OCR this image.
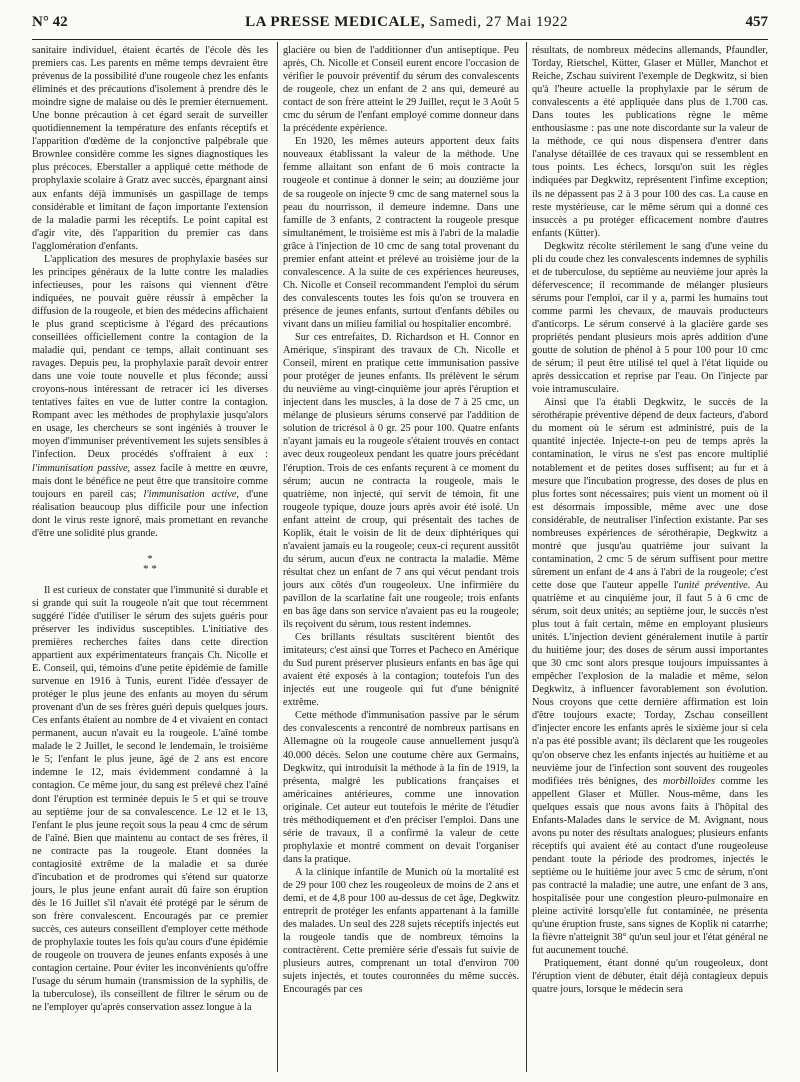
N° 42	LA PRESSE MEDICALE, Samedi, 27 Mai 1922	457

sanitaire individuel, étaient écartés de l'école dès les premiers cas. Les parents en même temps devraient être prévenus de la possibilité d'une rougeole chez les enfants éliminés et des précautions d'isolement à prendre dès le moindre signe de malaise ou dès le premier éternuement. Une bonne précaution à cet égard serait de surveiller quotidiennement la température des enfants réceptifs et l'apparition d'œdème de la conjonctive palpébrale que Brownlee considère comme les signes diagnostiques les plus précoces. Eberstaller a appliqué cette méthode de prophylaxie scolaire à Gratz avec succès, épargnant ainsi aux enfants déjà immunisés un gaspillage de temps considérable et limitant de façon importante l'extension de la maladie parmi les réceptifs. Le point capital est d'agir vite, dès l'apparition du premier cas dans l'agglomération d'enfants.

L'application des mesures de prophylaxie basées sur les principes généraux de la lutte contre les maladies infectieuses, pour les raisons qui viennent d'être indiquées, ne pouvait guère réussir à empêcher la diffusion de la rougeole, et bien des médecins affichaient le plus grand scepticisme à l'égard des précautions conseillées officiellement contre la contagion de la maladie qui, pendant ce temps, allait continuant ses ravages. Depuis peu, la prophylaxie paraît devoir entrer dans une voie toute nouvelle et plus féconde; aussi croyons-nous intéressant de retracer ici les diverses tentatives faites en vue de lutter contre la contagion. Rompant avec les méthodes de prophylaxie jusqu'alors en usage, les chercheurs se sont ingéniés à trouver le moyen d'immuniser préventivement les sujets sensibles à l'infection. Deux procédés s'offraient à eux : l'immunisation passive, assez facile à mettre en œuvre, mais dont le bénéfice ne peut être que transitoire comme toujours en pareil cas; l'immunisation active, d'une réalisation beaucoup plus difficile pour une infection dont le virus reste ignoré, mais promettant en revanche d'être une solidité plus grande.

*
* *

Il est curieux de constater que l'immunité si durable et si grande qui suit la rougeole n'ait que tout récemment suggéré l'idée d'utiliser le sérum des sujets guéris pour préserver les individus susceptibles. L'initiative des premières recherches faites dans cette direction appartient aux expérimentateurs français Ch. Nicolle et E. Conseil, qui, témoins d'une petite épidémie de famille survenue en 1916 à Tunis, eurent l'idée d'essayer de protéger le plus jeune des enfants au moyen du sérum provenant d'un de ses frères guéri depuis quelques jours. Ces enfants étaient au nombre de 4 et vivaient en contact permanent, aucun n'avait eu la rougeole. L'aîné tombe malade le 2 Juillet, le second le lendemain, le troisième le 5; l'enfant le plus jeune, âgé de 2 ans est encore indemne le 12, mais évidemment condamné à la contagion. Ce même jour, du sang est prélevé chez l'aîné dont l'éruption est terminée depuis le 5 et qui se trouve au septième jour de sa convalescence. Le 12 et le 13, l'enfant le plus jeune reçoit sous la peau 4 cmc de sérum de l'aîné. Bien que maintenu au contact de ses frères, il ne contracte pas la rougeole. Etant données la contagiosité extrême de la maladie et sa durée d'incubation et de prodromes qui s'étend sur quatorze jours, le plus jeune enfant aurait dû faire son éruption dès le 16 Juillet s'il n'avait été protégé par le sérum de son frère convalescent. Encouragés par ce premier succès, ces auteurs conseillent d'employer cette méthode de prophylaxie toutes les fois qu'au cours d'une épidémie de rougeole on trouvera de jeunes enfants exposés à une contagion certaine. Pour éviter les inconvénients qu'offre l'usage du sérum humain (transmission de la syphilis, de la tuberculose), ils conseillent de filtrer le sérum ou de ne l'employer qu'après conservation assez longue à la

glacière ou bien de l'additionner d'un antiseptique. Peu après, Ch. Nicolle et Conseil eurent encore l'occasion de vérifier le pouvoir préventif du sérum des convalescents de rougeole, chez un enfant de 2 ans qui, demeuré au contact de son frère atteint le 29 Juillet, reçut le 3 Août 5 cmc du sérum de l'enfant employé comme donneur dans la précédente expérience.

En 1920, les mêmes auteurs apportent deux faits nouveaux établissant la valeur de la méthode. Une femme allaitant son enfant de 6 mois contracte la rougeole et continue à donner le sein; au douzième jour de sa rougeole on injecte 9 cmc de sang maternel sous la peau du nourrisson, il demeure indemne. Dans une famille de 3 enfants, 2 contractent la rougeole presque simultanément, le troisième est mis à l'abri de la maladie grâce à l'injection de 10 cmc de sang total provenant du premier enfant atteint et prélevé au troisième jour de la convalescence. A la suite de ces expériences heureuses, Ch. Nicolle et Conseil recommandent l'emploi du sérum des convalescents toutes les fois qu'on se trouvera en présence de jeunes enfants, surtout d'enfants débiles ou vivant dans un milieu familial ou hospitalier encombré.

Sur ces entrefaites, D. Richardson et H. Connor en Amérique, s'inspirant des travaux de Ch. Nicolle et Conseil, mirent en pratique cette immunisation passive pour protéger de jeunes enfants. Ils prélèvent le sérum du neuvième au vingt-cinquième jour après l'éruption et injectent dans les muscles, à la dose de 7 à 25 cmc, un mélange de plusieurs sérums conservé par l'addition de solution de tricrésol à 0 gr. 25 pour 100. Quatre enfants n'ayant jamais eu la rougeole s'étaient trouvés en contact avec deux rougeoleux pendant les quatre jours précédant l'éruption. Trois de ces enfants reçurent à ce moment du sérum; aucun ne contracta la rougeole, mais le quatrième, non injecté, qui servit de témoin, fit une rougeole typique, douze jours après avoir été isolé. Un enfant atteint de croup, qui présentait des taches de Koplik, était le voisin de lit de deux diphtériques qui n'avaient jamais eu la rougeole; ceux-ci reçurent aussitôt du sérum, aucun d'eux ne contracta la maladie. Même résultat chez un enfant de 7 ans qui vécut pendant trois jours aux côtés d'un rougeoleux. Une infirmière du pavillon de la scarlatine fait une rougeole; trois enfants en bas âge dans son service n'avaient pas eu la rougeole; ils reçoivent du sérum, tous restent indemnes.

Ces brillants résultats suscitèrent bientôt des imitateurs; c'est ainsi que Torres et Pacheco en Amérique du Sud purent préserver plusieurs enfants en bas âge qui avaient été exposés à la contagion; toutefois l'un des injectés eut une rougeole qui fut d'une bénignité extrême.

Cette méthode d'immunisation passive par le sérum des convalescents a rencontré de nombreux partisans en Allemagne où la rougeole cause annuellement jusqu'à 40.000 décès. Selon une coutume chère aux Germains, Degkwitz, qui introduisit la méthode à la fin de 1919, la présenta, malgré les publications françaises et américaines antérieures, comme une innovation originale. Cet auteur eut toutefois le mérite de l'étudier très méthodiquement et d'en préciser l'emploi. Dans une série de travaux, il a confirmé la valeur de cette prophylaxie et montré comment on devait l'organiser dans la pratique.

A la clinique infantile de Munich où la mortalité est de 29 pour 100 chez les rougeoleux de moins de 2 ans et demi, et de 4,8 pour 100 au-dessus de cet âge, Degkwitz entreprit de protéger les enfants appartenant à la famille des malades. Un seul des 228 sujets réceptifs injectés eut la rougeole tandis que de nombreux témoins la contractèrent. Cette première série d'essais fut suivie de plusieurs autres, comprenant un total d'environ 700 sujets injectés, et toutes couronnées du même succès. Encouragés par ces

résultats, de nombreux médecins allemands, Pfaundler, Torday, Rietschel, Kütter, Glaser et Müller, Manchot et Reiche, Zschau suivirent l'exemple de Degkwitz, si bien qu'à l'heure actuelle la prophylaxie par le sérum de convalescents a été appliquée dans plus de 1.700 cas. Dans toutes les publications règne le même enthousiasme : pas une note discordante sur la valeur de la méthode, ce qui nous dispensera d'entrer dans l'analyse détaillée de ces travaux qui se ressemblent en tous points. Les échecs, lorsqu'on suit les règles indiquées par Degkwitz, représentent l'infime exception; ils ne dépassent pas 2 à 3 pour 100 des cas. La cause en reste mystérieuse, car le même sérum qui a donné ces insuccès a pu protéger efficacement nombre d'autres enfants (Kütter).

Degkwitz récolte stérilement le sang d'une veine du pli du coude chez les convalescents indemnes de syphilis et de tuberculose, du septième au neuvième jour après la défervescence; il recommande de mélanger plusieurs sérums pour l'emploi, car il y a, parmi les humains tout comme parmi les chevaux, de mauvais producteurs d'anticorps. Le sérum conservé à la glacière garde ses propriétés pendant plusieurs mois après addition d'une goutte de solution de phénol à 5 pour 100 pour 10 cmc de sérum; il peut être utilisé tel quel à l'état liquide ou après dessiccation et reprise par l'eau. On l'injecte par voie intramusculaire.

Ainsi que l'a établi Degkwitz, le succès de la sérothérapie préventive dépend de deux facteurs, d'abord du moment où le sérum est administré, puis de la quantité injectée. Injecte-t-on peu de temps après la contamination, le virus ne s'est pas encore multiplié notablement et de petites doses suffisent; au fur et à mesure que l'incubation progresse, des doses de plus en plus fortes sont nécessaires; puis vient un moment où il est désormais impossible, même avec une dose considérable, de neutraliser l'infection existante. Par ses nombreuses expériences de sérothérapie, Degkwitz a montré que jusqu'au quatrième jour suivant la contamination, 2 cmc 5 de sérum suffisent pour mettre sûrement un enfant de 4 ans à l'abri de la rougeole; c'est cette dose que l'auteur appelle l'unité préventive. Au quatrième et au cinquième jour, il faut 5 à 6 cmc de sérum, soit deux unités; au septième jour, le succès n'est plus tout à fait certain, même en employant plusieurs unités. L'injection devient généralement inutile à partir du huitième jour; des doses de sérum aussi importantes que 30 cmc sont alors presque toujours impuissantes à empêcher l'explosion de la maladie et même, selon Degkwitz, à influencer favorablement son évolution. Nous croyons que cette dernière affirmation est loin d'être toujours exacte; Torday, Zschau conseillent d'injecter encore les enfants après le sixième jour si cela n'a pas été possible avant; ils déclarent que les rougeoles qu'on observe chez les enfants injectés au huitième et au neuvième jour de l'infection sont souvent des rougeoles modifiées très bénignes, des morbilloïdes comme les appellent Glaser et Müller. Nous-même, dans les quelques essais que nous avons faits à l'hôpital des Enfants-Malades dans le service de M. Avignant, nous avons pu noter des résultats analogues; plusieurs enfants réceptifs qui avaient été au contact d'une rougeoleuse pendant toute la période des prodromes, injectés le septième ou le huitième jour avec 5 cmc de sérum, n'ont pas contracté la maladie; une autre, une enfant de 3 ans, hospitalisée pour une congestion pleuro-pulmonaire en pleine activité lorsqu'elle fut contaminée, ne présenta qu'une éruption fruste, sans signes de Koplik ni catarrhe; la fièvre n'atteignit 38° qu'un seul jour et l'état général ne fut aucunement touché.

Pratiquement, étant donné qu'un rougeoleux, dont l'éruption vient de débuter, était déjà contagieux depuis quatre jours, lorsque le médecin sera
